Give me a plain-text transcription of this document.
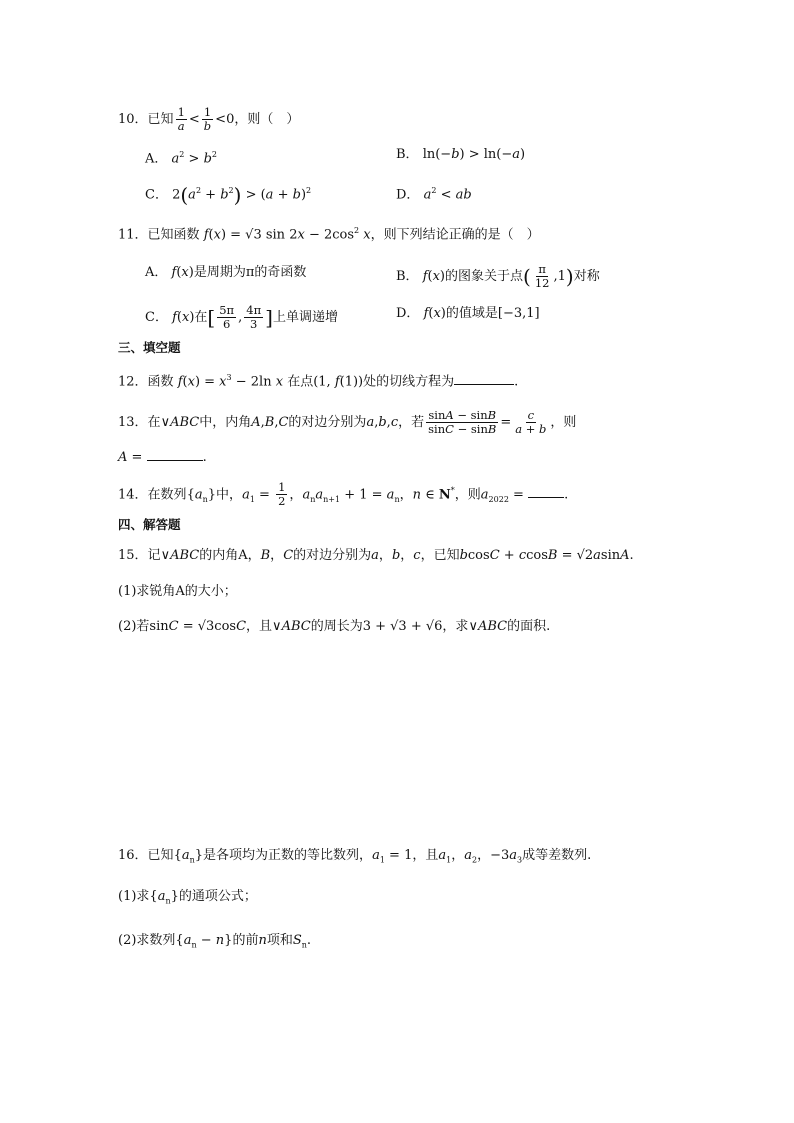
10．已知 $\frac{1}{a} < \frac{1}{b} <0$，则（　）
A． $a^2 > b^2$	B． ln(−b) > ln(−a)
C． $2(a^2 + b^2) > (a + b)^2$	D． $a^2$ < ab
11．已知函数 f(x) = √3 $\sin 2x - 2\cos^2$ x，则下列结论正确的是（　）
A． f(x)是周期为π的奇函数	B． f(x)的图象关于点( $\frac{\pi}{12} ,1$)对称
C． f(x)在[ $\frac{5\pi}{6}$ , $\frac{4\pi}{3}$ ]上单调递增	D． f(x)的值域是[−3,1]
三、填空题
12．函数 $f(x) = x^3 - 2\ln$ x 在点(1, f(1))处的切线方程为	.
13．在∨ABC中，内角A,B,C的对边分别为a,b,c，若 $\frac{\sin A - \sin B}{\sin C - \sin B} = \frac{c}{a + b}$ ，则
A =	.
14．在数列$\{a_n\}$中，$a_1 = \frac{1}{2}$ ，$a_na_{n+1} + 1 = a_n$，n ∈ N*，则$a_{2022}$ =	.
四、解答题
15．记∨ABC的内角A，B，C的对边分别为a，b，c，已知bcosC + ccosB = √2asinA.
(1)求锐角A的大小；
(2)若sinC = √3cosC，且∨ABC的周长为3 + √3 + √6，求∨ABC的面积.
16．已知$\{a_n\}$是各项均为正数的等比数列，$a_1 = 1$，且$a_1$，$a_2$，$-3a_3$成等差数列.
(1)求$\{a_n\}$的通项公式；
(2)求数列$\{a_n - n\}$的前n项和$S_n$.
